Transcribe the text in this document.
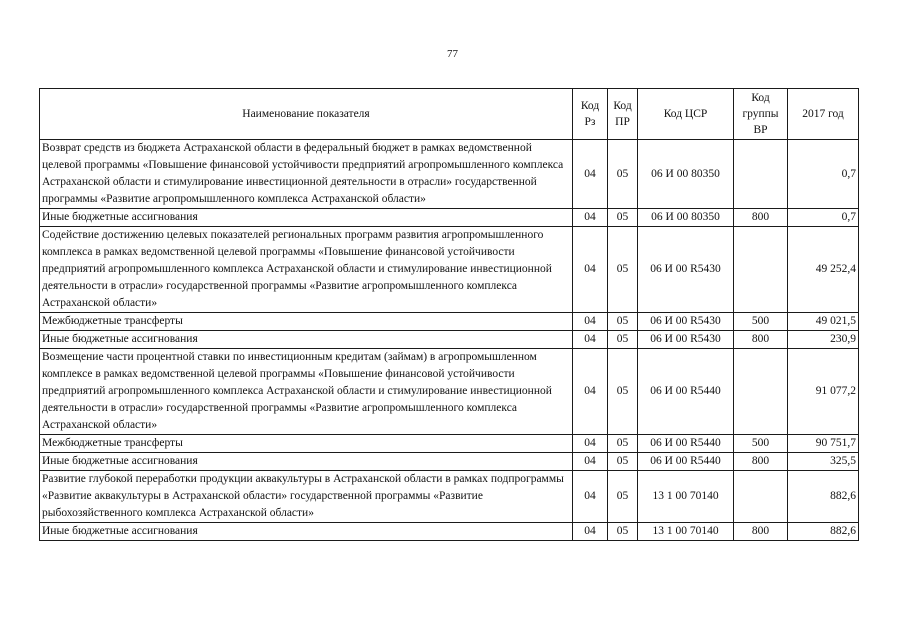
77
Наименование показателя	Код Рз	Код ПР	Код ЦСР	Код группы ВР	2017 год
Возврат средств из бюджета Астраханской области в федеральный бюджет в рамках ведомственной целевой программы «Повышение финансовой устойчивости предприятий агропромышленного комплекса Астраханской области и стимулирование инвестиционной деятельности в отрасли» государственной программы «Развитие агропромышленного комплекса Астраханской области»	04	05	06 И 00 80350		0,7
Иные бюджетные ассигнования	04	05	06 И 00 80350	800	0,7
Содействие достижению целевых показателей региональных программ развития агропромышленного комплекса в рамках ведомственной целевой программы «Повышение финансовой устойчивости предприятий агропромышленного комплекса Астраханской области и стимулирование инвестиционной деятельности в отрасли» государственной программы «Развитие агропромышленного комплекса Астраханской области»	04	05	06 И 00 R5430		49 252,4
Межбюджетные трансферты	04	05	06 И 00 R5430	500	49 021,5
Иные бюджетные ассигнования	04	05	06 И 00 R5430	800	230,9
Возмещение части процентной ставки по инвестиционным кредитам (займам) в агропромышленном комплексе в рамках ведомственной целевой программы «Повышение финансовой устойчивости предприятий агропромышленного комплекса Астраханской области и стимулирование инвестиционной деятельности в отрасли» государственной программы «Развитие агропромышленного комплекса Астраханской области»	04	05	06 И 00 R5440		91 077,2
Межбюджетные трансферты	04	05	06 И 00 R5440	500	90 751,7
Иные бюджетные ассигнования	04	05	06 И 00 R5440	800	325,5
Развитие глубокой переработки продукции аквакультуры в Астраханской области в рамках подпрограммы «Развитие аквакультуры в Астраханской области» государственной программы «Развитие рыбохозяйственного комплекса Астраханской области»	04	05	13 1 00 70140		882,6
Иные бюджетные ассигнования	04	05	13 1 00 70140	800	882,6
